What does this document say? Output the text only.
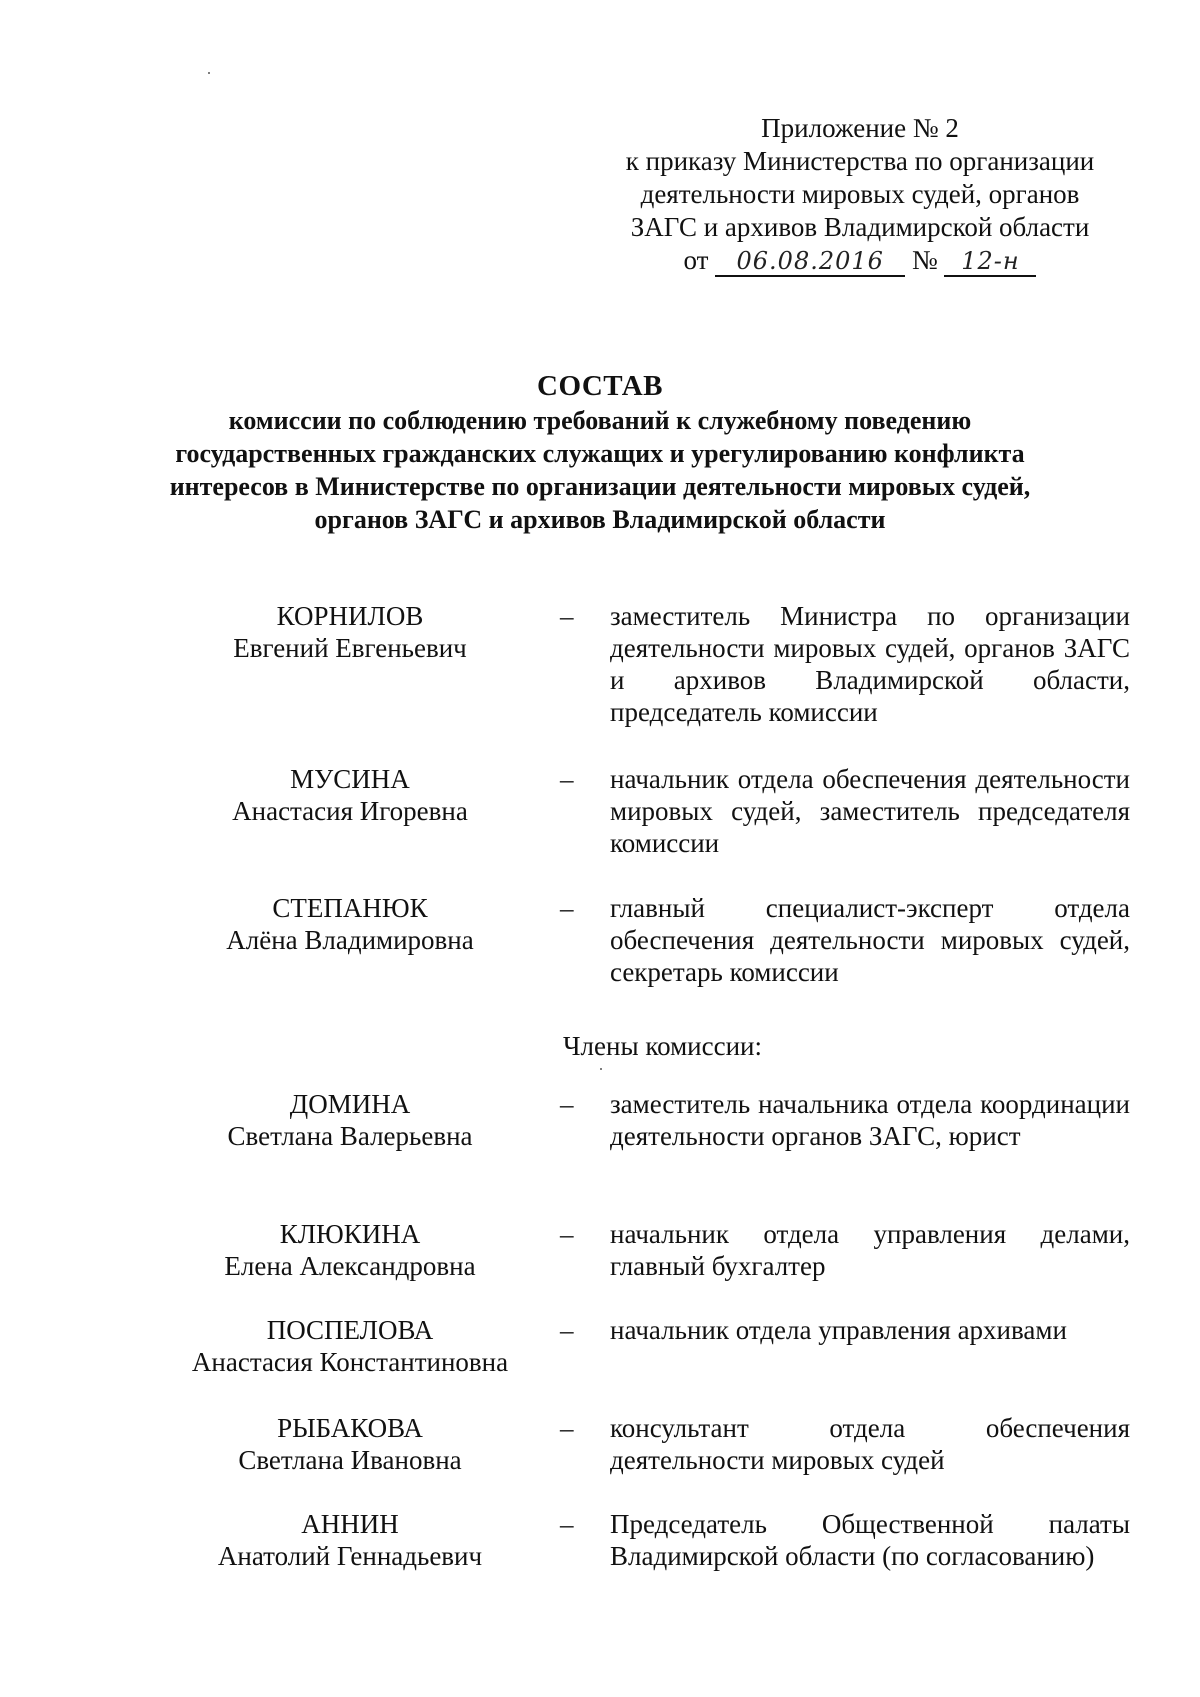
Приложение № 2
к приказу Министерства по организации
деятельности мировых судей, органов
ЗАГС и архивов Владимирской области
от 06.08.2016 № 12-н
СОСТАВ
комиссии по соблюдению требований к служебному поведению
государственных гражданских служащих и урегулированию конфликта
интересов в Министерстве по организации деятельности мировых судей,
органов ЗАГС и архивов Владимирской области
КОРНИЛОВ
Евгений Евгеньевич
– заместитель Министра по организации деятельности мировых судей, органов ЗАГС и архивов Владимирской области, председатель комиссии
МУСИНА
Анастасия Игоревна
– начальник отдела обеспечения деятельности мировых судей, заместитель председателя комиссии
СТЕПАНЮК
Алёна Владимировна
– главный специалист-эксперт отдела обеспечения деятельности мировых судей, секретарь комиссии
Члены комиссии:
ДОМИНА
Светлана Валерьевна
– заместитель начальника отдела координации деятельности органов ЗАГС, юрист
КЛЮКИНА
Елена Александровна
– начальник отдела управления делами, главный бухгалтер
ПОСПЕЛОВА
Анастасия Константиновна
– начальник отдела управления архивами
РЫБАКОВА
Светлана Ивановна
– консультант отдела обеспечения деятельности мировых судей
АННИН
Анатолий Геннадьевич
– Председатель Общественной палаты Владимирской области (по согласованию)
